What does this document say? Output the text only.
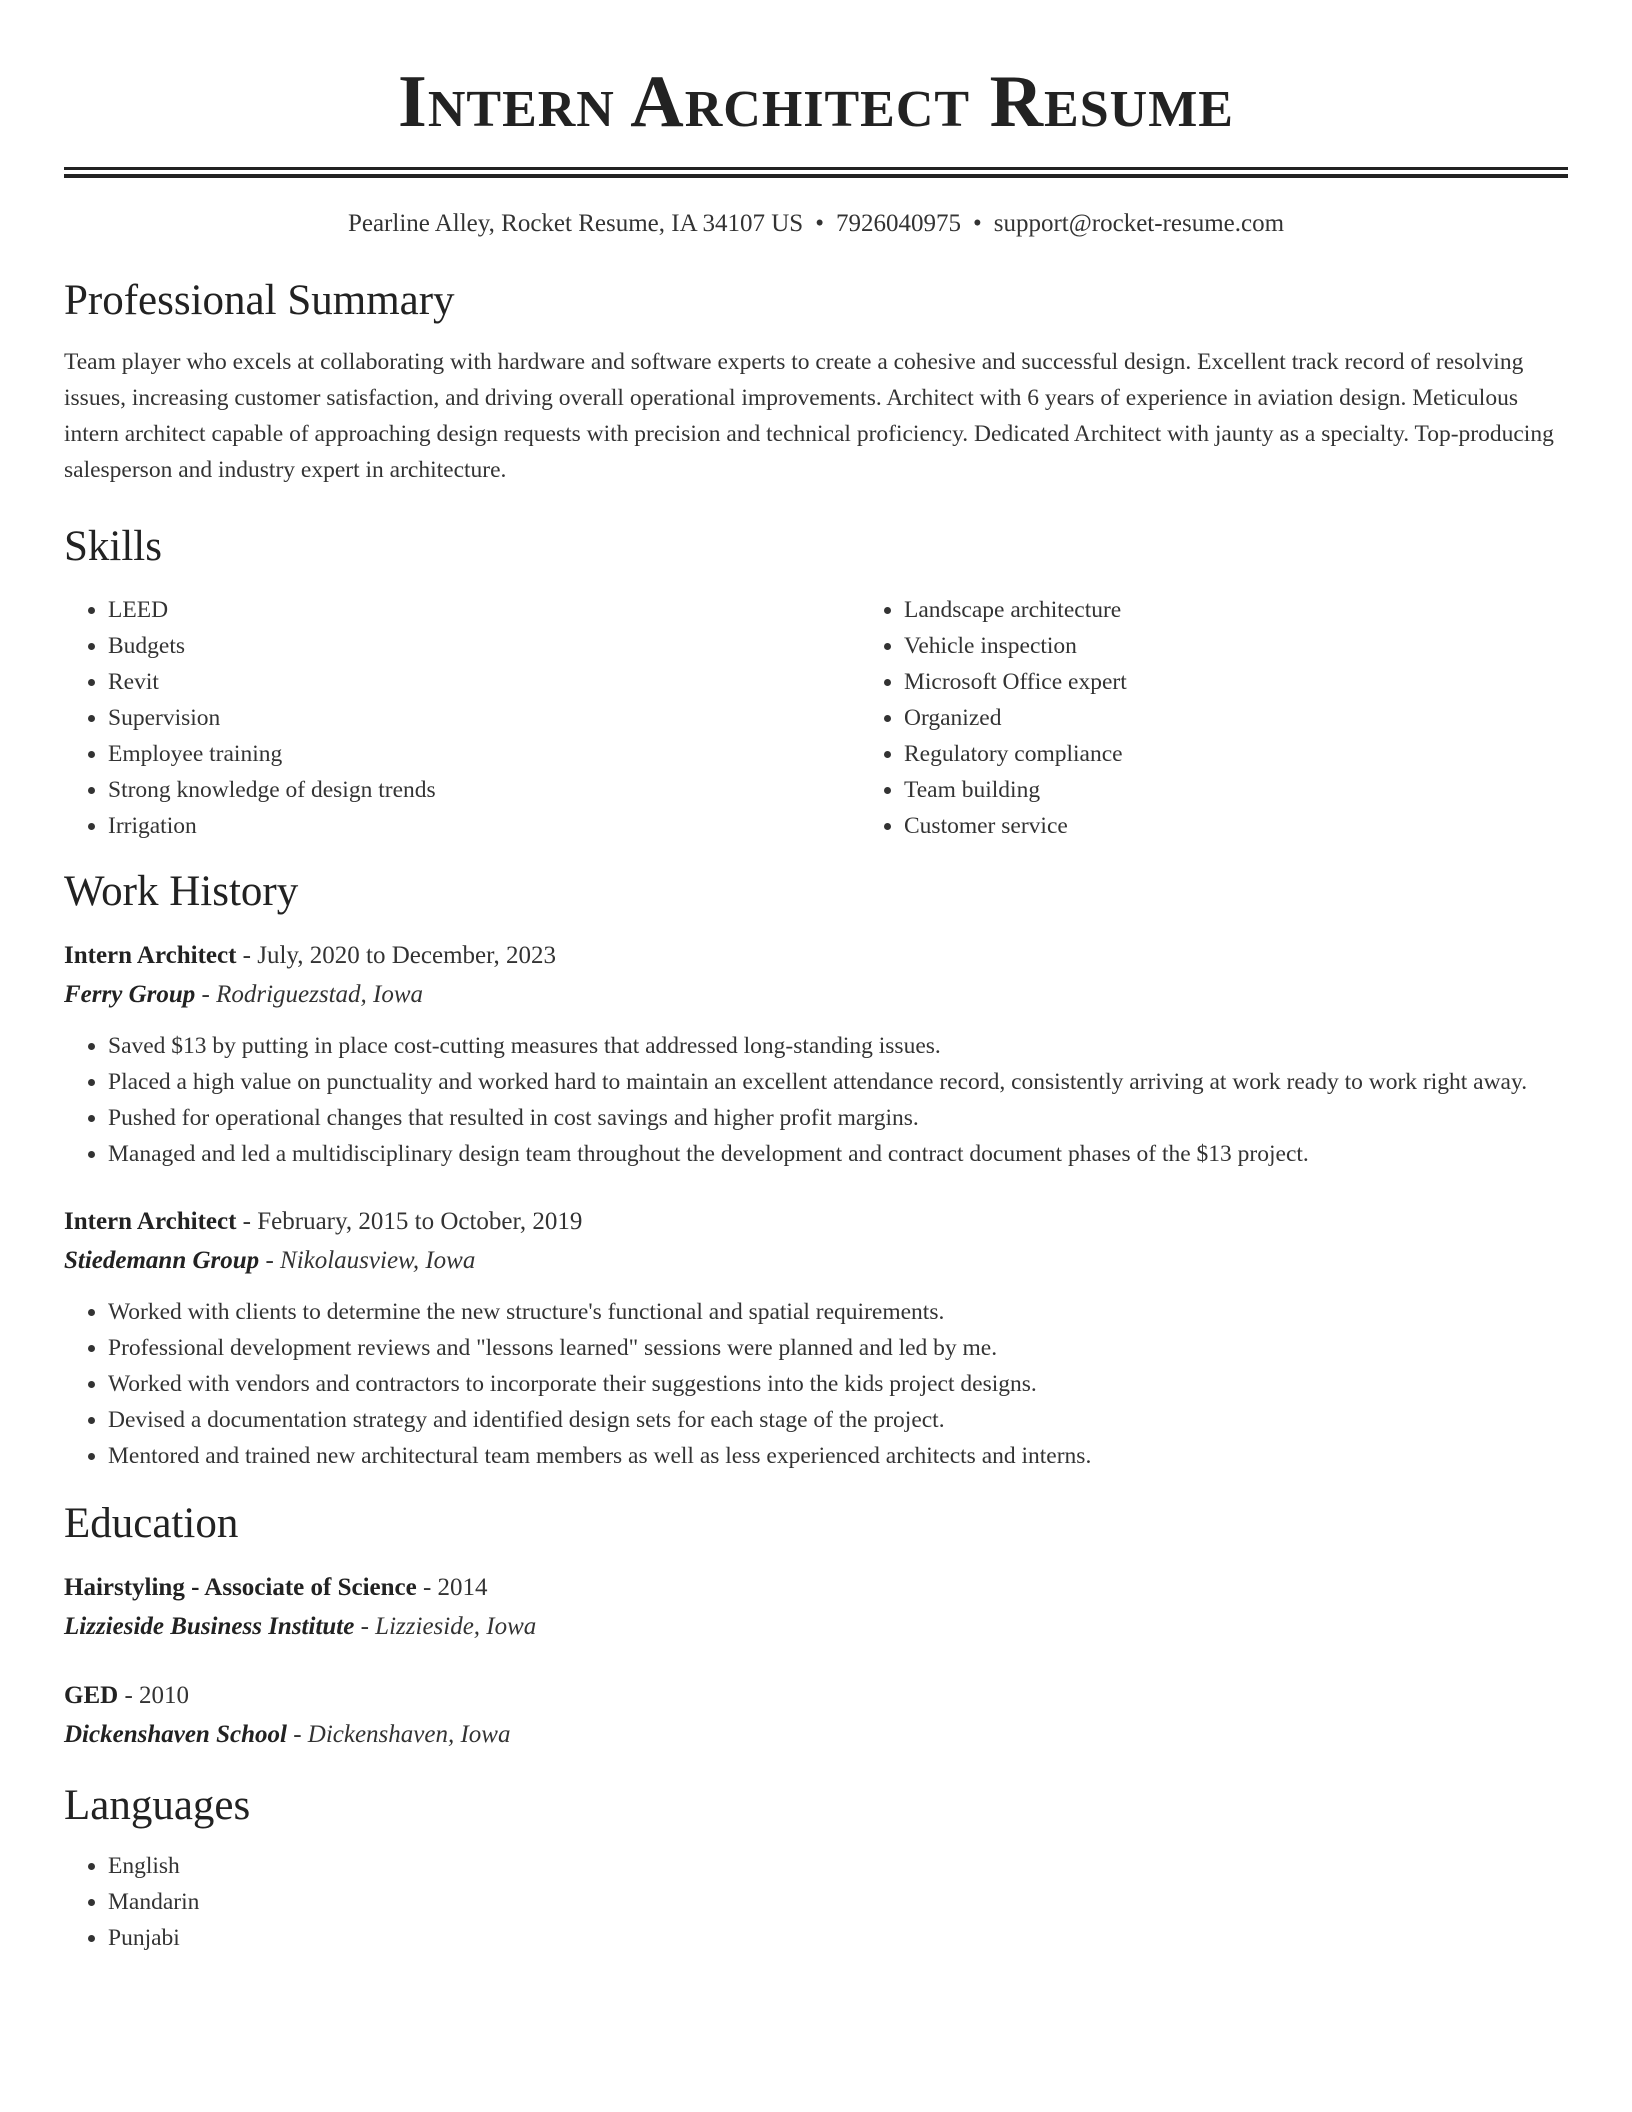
Intern Architect Resume
Pearline Alley, Rocket Resume, IA 34107 US • 7926040975 • support@rocket-resume.com
Professional Summary

Team player who excels at collaborating with hardware and software experts to create a cohesive and successful design. Excellent track record of resolving issues, increasing customer satisfaction, and driving overall operational improvements. Architect with 6 years of experience in aviation design. Meticulous intern architect capable of approaching design requests with precision and technical proficiency. Dedicated Architect with jaunty as a specialty. Top-producing salesperson and industry expert in architecture.

Skills
• LEED
• Budgets
• Revit
• Supervision
• Employee training
• Strong knowledge of design trends
• Irrigation
• Landscape architecture
• Vehicle inspection
• Microsoft Office expert
• Organized
• Regulatory compliance
• Team building
• Customer service
Work History
Intern Architect - July, 2020 to December, 2023
Ferry Group - Rodriguezstad, Iowa
• Saved $13 by putting in place cost-cutting measures that addressed long-standing issues.
• Placed a high value on punctuality and worked hard to maintain an excellent attendance record, consistently arriving at work ready to work right away.
• Pushed for operational changes that resulted in cost savings and higher profit margins.
• Managed and led a multidisciplinary design team throughout the development and contract document phases of the $13 project.
Intern Architect - February, 2015 to October, 2019
Stiedemann Group - Nikolausview, Iowa
• Worked with clients to determine the new structure's functional and spatial requirements.
• Professional development reviews and "lessons learned" sessions were planned and led by me.
• Worked with vendors and contractors to incorporate their suggestions into the kids project designs.
• Devised a documentation strategy and identified design sets for each stage of the project.
• Mentored and trained new architectural team members as well as less experienced architects and interns.
Education
Hairstyling - Associate of Science - 2014
Lizzieside Business Institute - Lizzieside, Iowa
GED - 2010
Dickenshaven School - Dickenshaven, Iowa
Languages
• English
• Mandarin
• Punjabi
